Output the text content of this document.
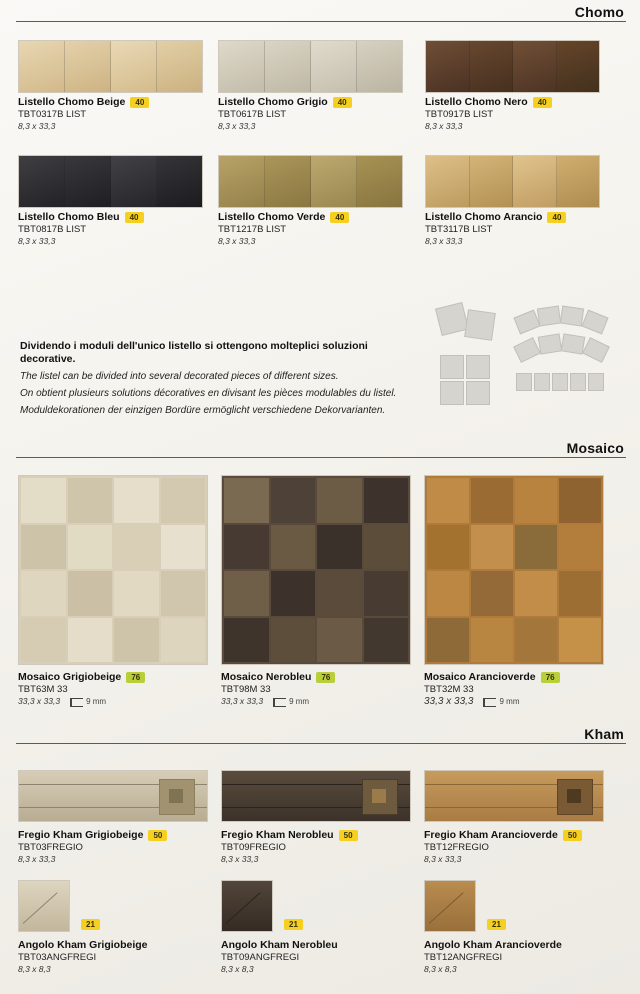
Chomo
Listello Chomo Beige 40
TBT0317B LIST
8,3 x 33,3
Listello Chomo Grigio 40
TBT0617B LIST
8,3 x 33,3
Listello Chomo Nero 40
TBT0917B LIST
8,3 x 33,3
Listello Chomo Bleu 40
TBT0817B LIST
8,3 x 33,3
Listello Chomo Verde 40
TBT1217B LIST
8,3 x 33,3
Listello Chomo Arancio 40
TBT3117B LIST
8,3 x 33,3

Dividendo i moduli dell'unico listello si ottengono molteplici soluzioni decorative.

The listel can be divided into several decorated pieces of different sizes.

On obtient plusieurs solutions décoratives en divisant les pièces modulables du listel.

Moduldekorationen der einzigen Bordüre ermöglicht verschiedene Dekorvarianten.

Mosaico
Mosaico Grigiobeige 76
TBT63M 33
33,3 x 33,3	9 mm
Mosaico Nerobleu 76
TBT98M 33
33,3 x 33,3	9 mm
Mosaico Arancioverde 76
TBT32M 33
33,3 x 33,3	9 mm
Kham
Fregio Kham Grigiobeige 50
TBT03FREGIO
8,3 x 33,3
Fregio Kham Nerobleu 50
TBT09FREGIO
8,3 x 33,3
Fregio Kham Arancioverde 50
TBT12FREGIO
8,3 x 33,3
21	21	21
Angolo Kham Grigiobeige
TBT03ANGFREGI
8,3 x 8,3
Angolo Kham Nerobleu
TBT09ANGFREGI
8,3 x 8,3
Angolo Kham Arancioverde
TBT12ANGFREGI
8,3 x 8,3
